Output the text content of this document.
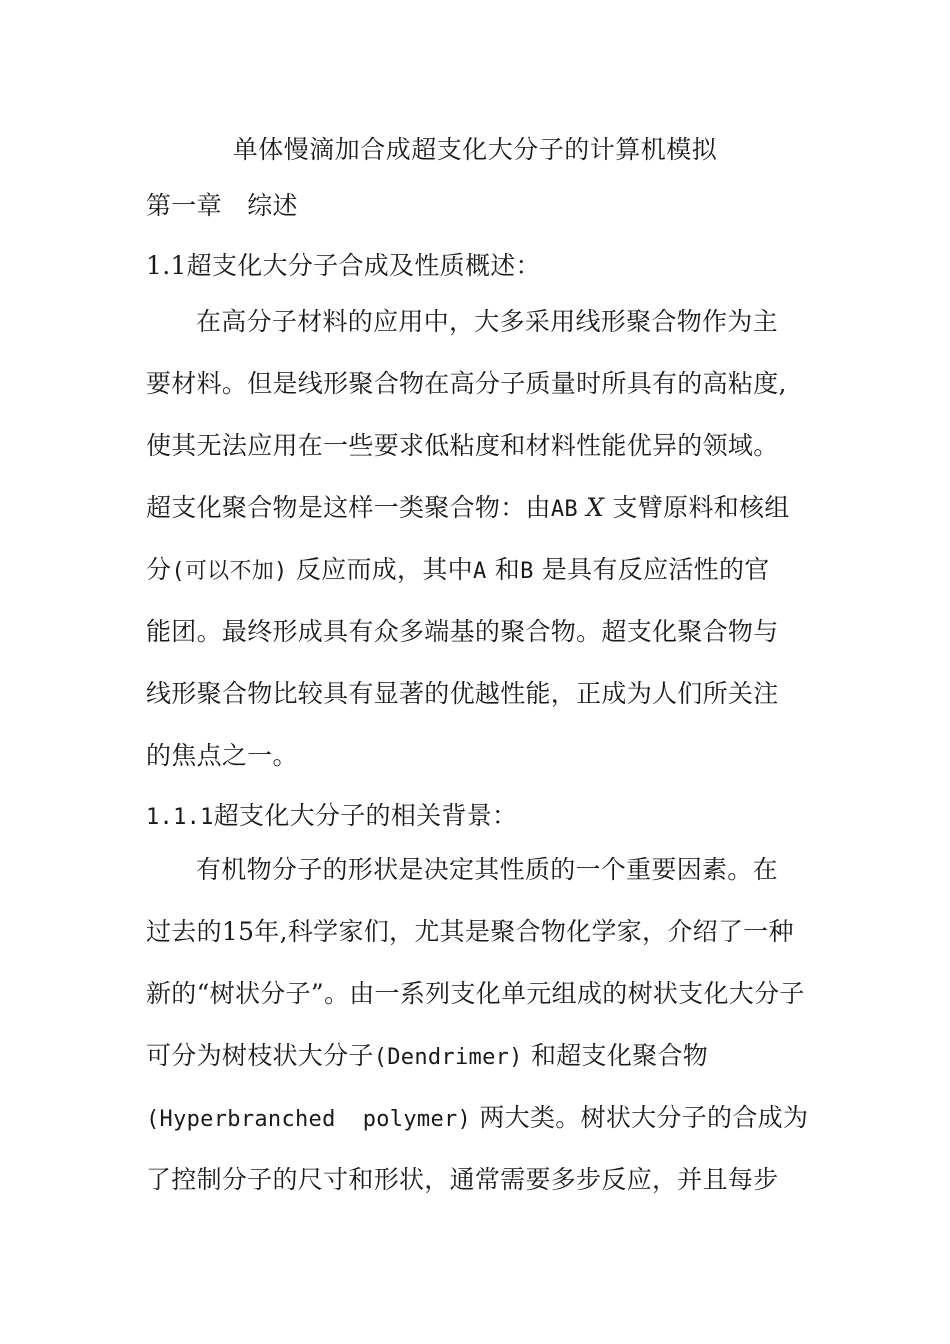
单体慢滴加合成超支化大分子的计算机模拟
第一章　综述
1.1超支化大分子合成及性质概述：
在高分子材料的应用中，大多采用线形聚合物作为主
要材料。但是线形聚合物在高分子质量时所具有的高粘度,
使其无法应用在一些要求低粘度和材料性能优异的领域。
超支化聚合物是这样一类聚合物：由AB X 支臂原料和核组
分(可以不加) 反应而成，其中A 和B 是具有反应活性的官
能团。最终形成具有众多端基的聚合物。超支化聚合物与
线形聚合物比较具有显著的优越性能，正成为人们所关注
的焦点之一。
1.1.1超支化大分子的相关背景：
有机物分子的形状是决定其性质的一个重要因素。在
过去的15年,科学家们，尤其是聚合物化学家，介绍了一种
新的“树状分子”。由一系列支化单元组成的树状支化大分子
可分为树枝状大分子(Dendrimer) 和超支化聚合物
(Hyperbranched  polymer) 两大类。树状大分子的合成为
了控制分子的尺寸和形状，通常需要多步反应，并且每步
